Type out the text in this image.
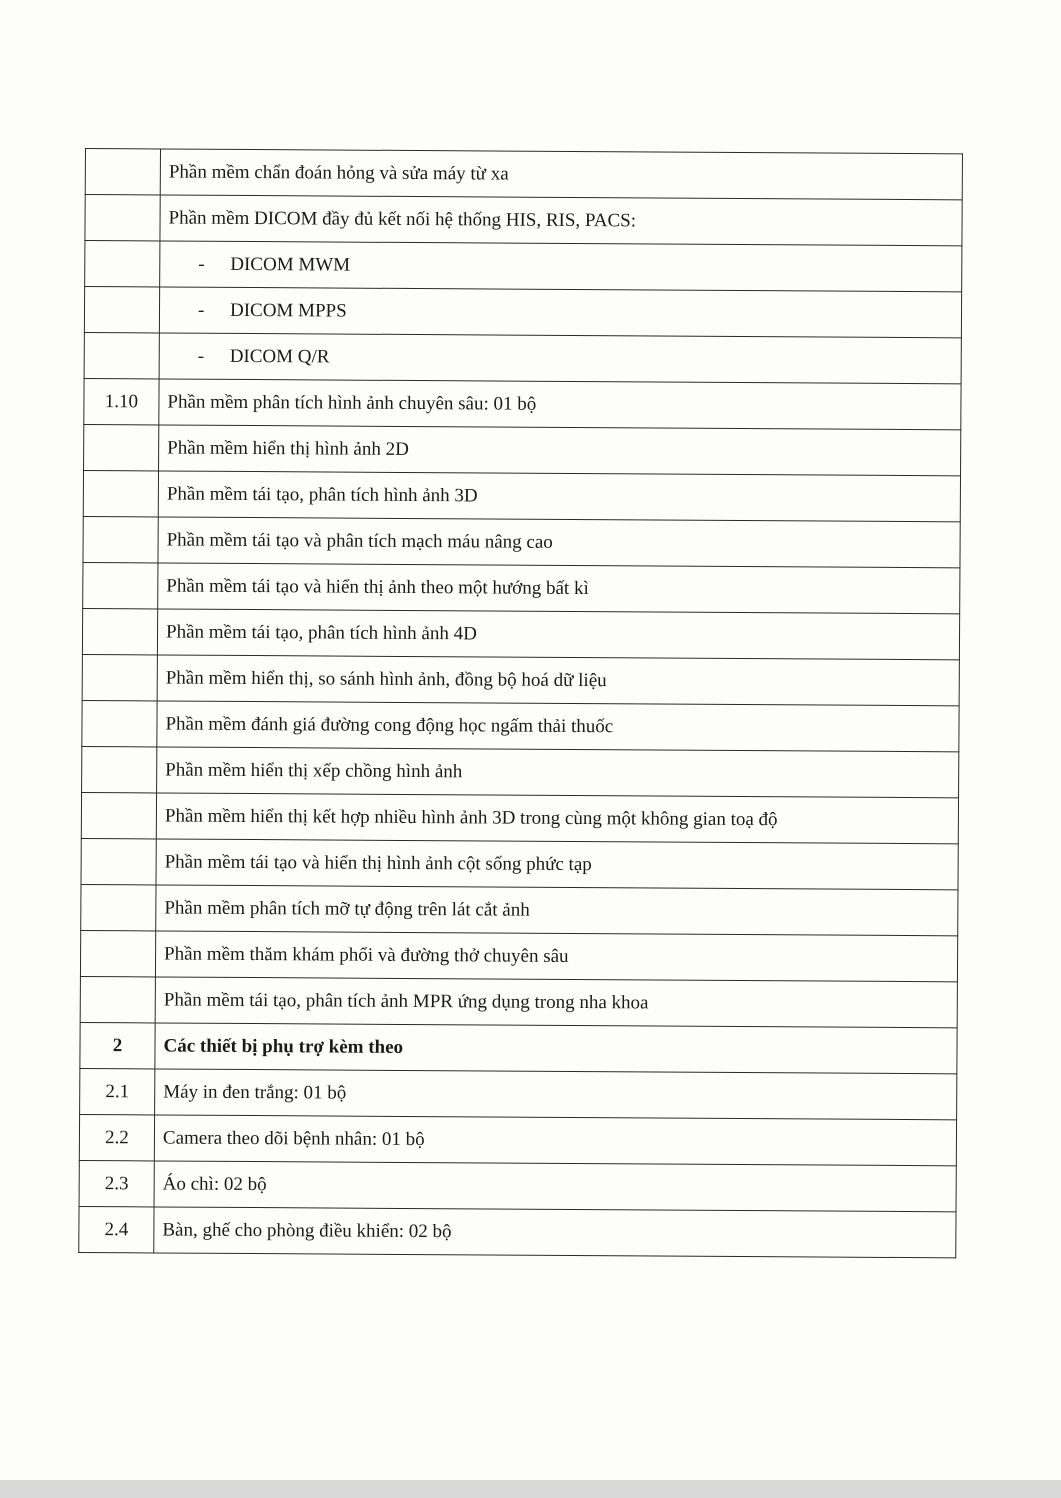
	Phần mềm chẩn đoán hỏng và sửa máy từ xa
	Phần mềm DICOM đầy đủ kết nối hệ thống HIS, RIS, PACS:
	- DICOM MWM
	- DICOM MPPS
	- DICOM Q/R
1.10	Phần mềm phân tích hình ảnh chuyên sâu: 01 bộ
	Phần mềm hiển thị hình ảnh 2D
	Phần mềm tái tạo, phân tích hình ảnh 3D
	Phần mềm tái tạo và phân tích mạch máu nâng cao
	Phần mềm tái tạo và hiển thị ảnh theo một hướng bất kì
	Phần mềm tái tạo, phân tích hình ảnh 4D
	Phần mềm hiển thị, so sánh hình ảnh, đồng bộ hoá dữ liệu
	Phần mềm đánh giá đường cong động học ngấm thải thuốc
	Phần mềm hiển thị xếp chồng hình ảnh
	Phần mềm hiển thị kết hợp nhiều hình ảnh 3D trong cùng một không gian toạ độ
	Phần mềm tái tạo và hiển thị hình ảnh cột sống phức tạp
	Phần mềm phân tích mỡ tự động trên lát cắt ảnh
	Phần mềm thăm khám phổi và đường thở chuyên sâu
	Phần mềm tái tạo, phân tích ảnh MPR ứng dụng trong nha khoa
2	Các thiết bị phụ trợ kèm theo
2.1	Máy in đen trắng: 01 bộ
2.2	Camera theo dõi bệnh nhân: 01 bộ
2.3	Áo chì: 02 bộ
2.4	Bàn, ghế cho phòng điều khiển: 02 bộ
